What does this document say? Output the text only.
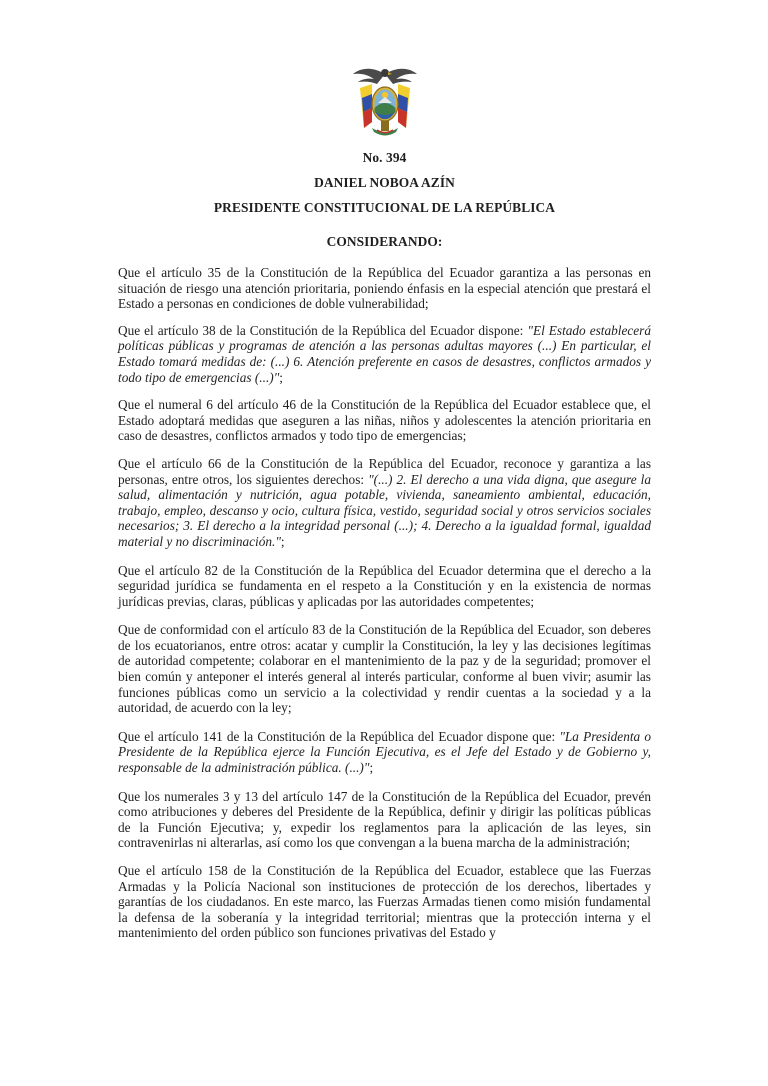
No. 394

DANIEL NOBOA AZÍN

PRESIDENTE CONSTITUCIONAL DE LA REPÚBLICA

CONSIDERANDO:

Que el artículo 35 de la Constitución de la República del Ecuador garantiza a las personas en situación de riesgo una atención prioritaria, poniendo énfasis en la especial atención que prestará el Estado a personas en condiciones de doble vulnerabilidad;

Que el artículo 38 de la Constitución de la República del Ecuador dispone: "El Estado establecerá políticas públicas y programas de atención a las personas adultas mayores (...) En particular, el Estado tomará medidas de: (...) 6. Atención preferente en casos de desastres, conflictos armados y todo tipo de emergencias (...)";

Que el numeral 6 del artículo 46 de la Constitución de la República del Ecuador establece que, el Estado adoptará medidas que aseguren a las niñas, niños y adolescentes la atención prioritaria en caso de desastres, conflictos armados y todo tipo de emergencias;

Que el artículo 66 de la Constitución de la República del Ecuador, reconoce y garantiza a las personas, entre otros, los siguientes derechos: "(...) 2. El derecho a una vida digna, que asegure la salud, alimentación y nutrición, agua potable, vivienda, saneamiento ambiental, educación, trabajo, empleo, descanso y ocio, cultura física, vestido, seguridad social y otros servicios sociales necesarios; 3. El derecho a la integridad personal (...); 4. Derecho a la igualdad formal, igualdad material y no discriminación.";

Que el artículo 82 de la Constitución de la República del Ecuador determina que el derecho a la seguridad jurídica se fundamenta en el respeto a la Constitución y en la existencia de normas jurídicas previas, claras, públicas y aplicadas por las autoridades competentes;

Que de conformidad con el artículo 83 de la Constitución de la República del Ecuador, son deberes de los ecuatorianos, entre otros: acatar y cumplir la Constitución, la ley y las decisiones legítimas de autoridad competente; colaborar en el mantenimiento de la paz y de la seguridad; promover el bien común y anteponer el interés general al interés particular, conforme al buen vivir; asumir las funciones públicas como un servicio a la colectividad y rendir cuentas a la sociedad y a la autoridad, de acuerdo con la ley;

Que el artículo 141 de la Constitución de la República del Ecuador dispone que: "La Presidenta o Presidente de la República ejerce la Función Ejecutiva, es el Jefe del Estado y de Gobierno y, responsable de la administración pública. (...)";

Que los numerales 3 y 13 del artículo 147 de la Constitución de la República del Ecuador, prevén como atribuciones y deberes del Presidente de la República, definir y dirigir las políticas públicas de la Función Ejecutiva; y, expedir los reglamentos para la aplicación de las leyes, sin contravenirlas ni alterarlas, así como los que convengan a la buena marcha de la administración;

Que el artículo 158 de la Constitución de la República del Ecuador, establece que las Fuerzas Armadas y la Policía Nacional son instituciones de protección de los derechos, libertades y garantías de los ciudadanos. En este marco, las Fuerzas Armadas tienen como misión fundamental la defensa de la soberanía y la integridad territorial; mientras que la protección interna y el mantenimiento del orden público son funciones privativas del Estado y
